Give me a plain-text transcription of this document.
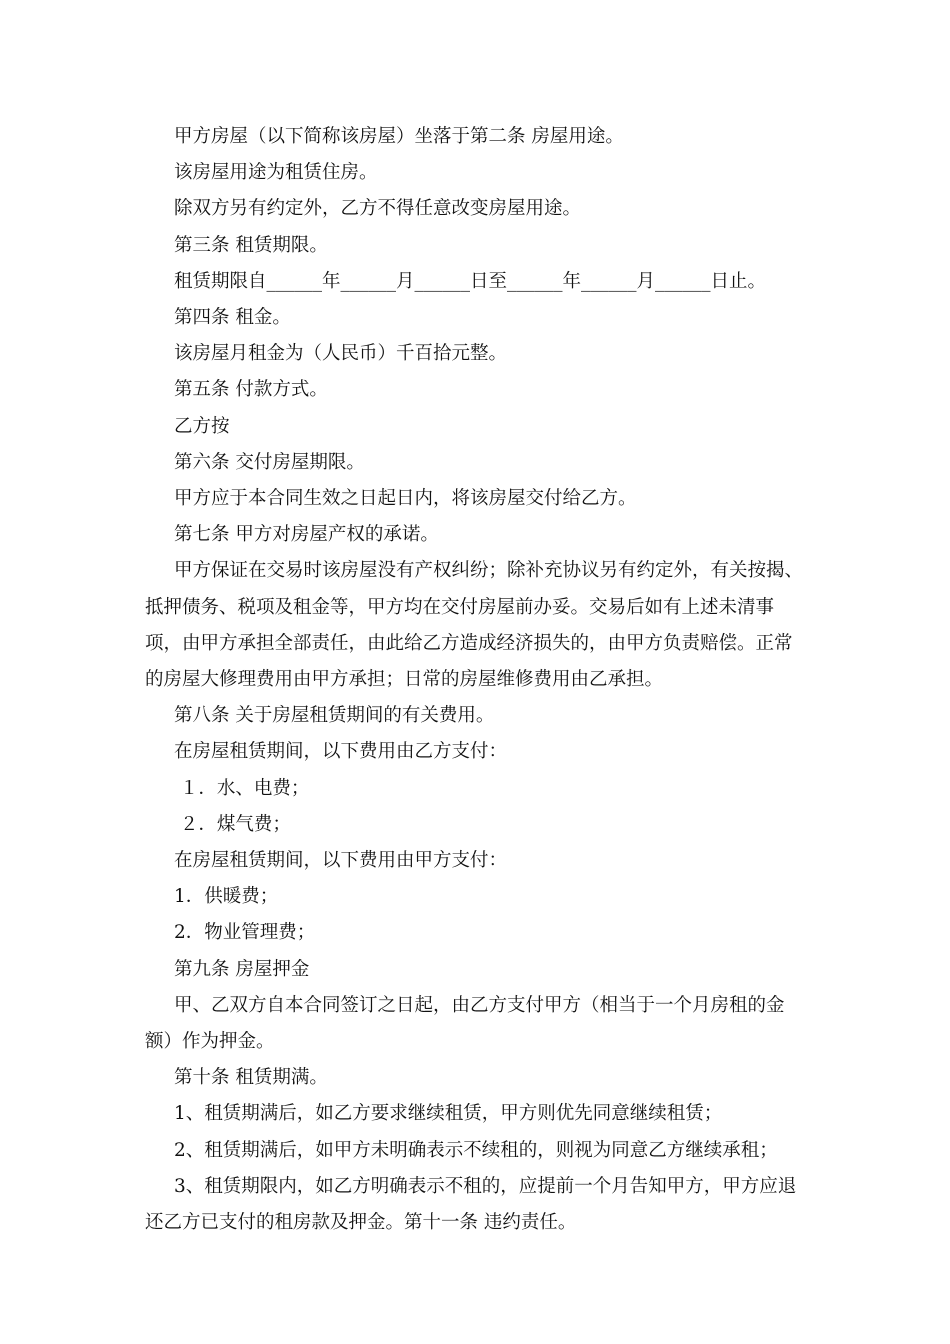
甲方房屋（以下简称该房屋）坐落于第二条 房屋用途。

该房屋用途为租赁住房。

除双方另有约定外，乙方不得任意改变房屋用途。

第三条 租赁期限。

租赁期限自______年______月______日至______年______月______日止。

第四条 租金。

该房屋月租金为（人民币）千百拾元整。

第五条 付款方式。

乙方按

第六条 交付房屋期限。

甲方应于本合同生效之日起日内，将该房屋交付给乙方。

第七条 甲方对房屋产权的承诺。

甲方保证在交易时该房屋没有产权纠纷；除补充协议另有约定外，有关按揭、抵押债务、税项及租金等，甲方均在交付房屋前办妥。交易后如有上述未清事项，由甲方承担全部责任，由此给乙方造成经济损失的，由甲方负责赔偿。正常的房屋大修理费用由甲方承担；日常的房屋维修费用由乙承担。

第八条 关于房屋租赁期间的有关费用。

在房屋租赁期间，以下费用由乙方支付：

１．水、电费；

２．煤气费；

在房屋租赁期间，以下费用由甲方支付：

1．供暖费；

2．物业管理费；

第九条 房屋押金

甲、乙双方自本合同签订之日起，由乙方支付甲方（相当于一个月房租的金额）作为押金。

第十条 租赁期满。

1、租赁期满后，如乙方要求继续租赁，甲方则优先同意继续租赁；

2、租赁期满后，如甲方未明确表示不续租的，则视为同意乙方继续承租；

3、租赁期限内，如乙方明确表示不租的，应提前一个月告知甲方，甲方应退还乙方已支付的租房款及押金。第十一条 违约责任。
